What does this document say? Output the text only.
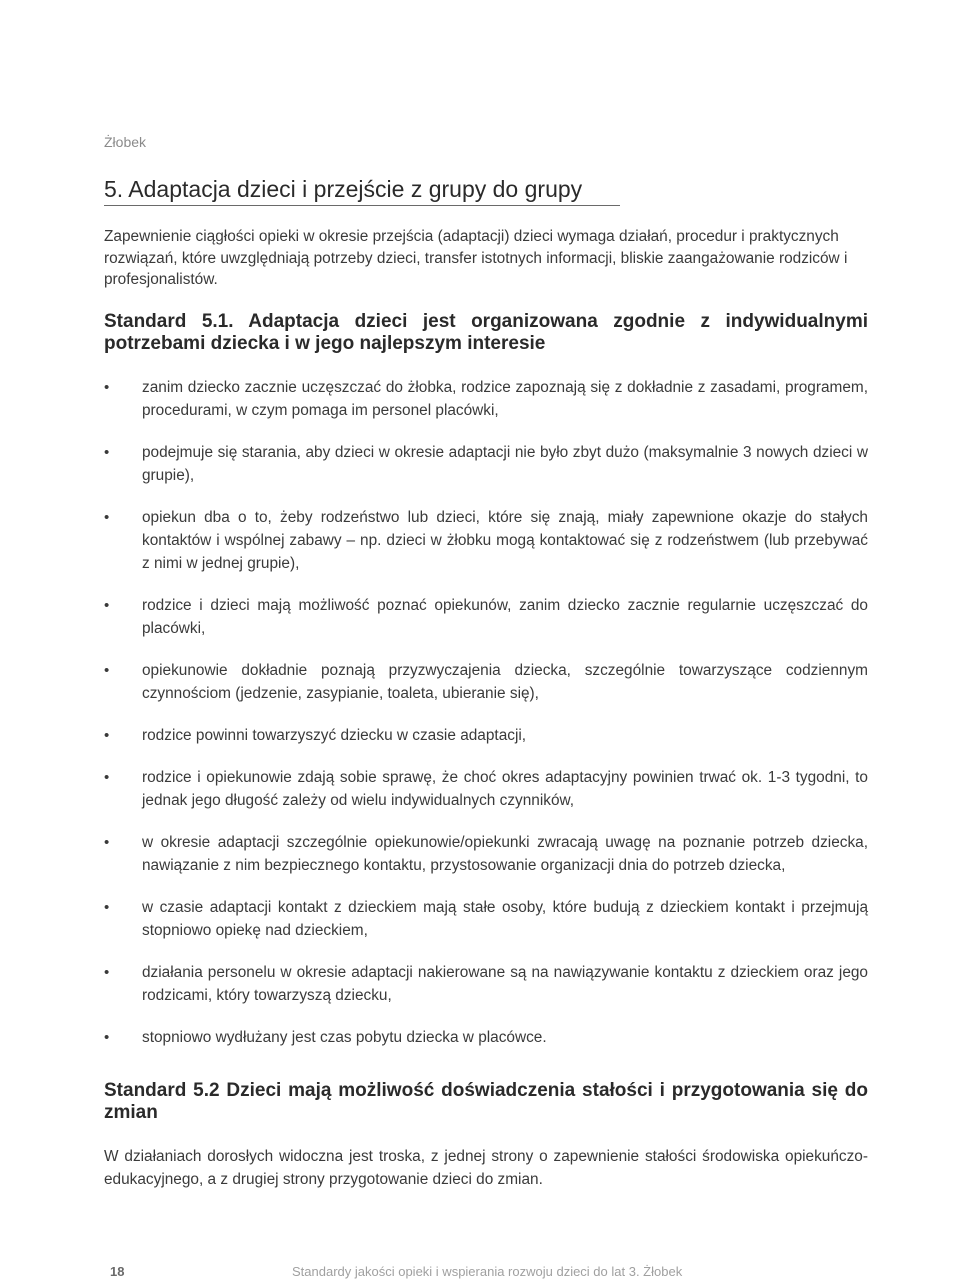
Żłobek
5. Adaptacja dzieci i przejście z grupy do grupy

Zapewnienie ciągłości opieki w okresie przejścia (adaptacji) dzieci wymaga działań, procedur i praktycznych rozwiązań, które uwzględniają potrzeby dzieci, transfer istotnych informacji, bliskie zaangażowanie rodziców i profesjonalistów.

Standard 5.1. Adaptacja dzieci jest organizowana zgodnie z indywidualnymi potrzebami dziecka i w jego najlepszym interesie
•	zanim dziecko zacznie uczęszczać do żłobka, rodzice zapoznają się z dokładnie z zasadami, programem, procedurami, w czym pomaga im personel placówki,
•	podejmuje się starania, aby dzieci w okresie adaptacji nie było zbyt dużo (maksymalnie 3 nowych dzieci w grupie),
•	opiekun dba o to, żeby rodzeństwo lub dzieci, które się znają, miały zapewnione okazje do stałych kontaktów i wspólnej zabawy – np. dzieci w żłobku mogą kontaktować się z rodzeństwem (lub przebywać z nimi w jednej grupie),
•	rodzice i dzieci mają możliwość poznać opiekunów, zanim dziecko zacznie regularnie uczęszczać do placówki,
•	opiekunowie dokładnie poznają przyzwyczajenia dziecka, szczególnie towarzyszące codziennym czynnościom (jedzenie, zasypianie, toaleta, ubieranie się),
•	rodzice powinni towarzyszyć dziecku w czasie adaptacji,
•	rodzice i opiekunowie zdają sobie sprawę, że choć okres adaptacyjny powinien trwać ok. 1-3 tygodni, to jednak jego długość zależy od wielu indywidualnych czynników,
•	w okresie adaptacji szczególnie opiekunowie/opiekunki zwracają uwagę na poznanie potrzeb dziecka, nawiązanie z nim bezpiecznego kontaktu, przystosowanie organizacji dnia do potrzeb dziecka,
•	w czasie adaptacji kontakt z dzieckiem mają stałe osoby, które budują z dzieckiem kontakt i przejmują stopniowo opiekę nad dzieckiem,
•	działania personelu w okresie adaptacji nakierowane są na nawiązywanie kontaktu z dzieckiem oraz jego rodzicami, który towarzyszą dziecku,
•	stopniowo wydłużany jest czas pobytu dziecka w placówce.
Standard 5.2 Dzieci mają możliwość doświadczenia stałości i przygotowania się do zmian

W działaniach dorosłych widoczna jest troska, z jednej strony o zapewnienie stałości środowiska opiekuńczo- edukacyjnego, a z drugiej strony przygotowanie dzieci do zmian.

18	Standardy jakości opieki i wspierania rozwoju dzieci do lat 3. Żłobek
